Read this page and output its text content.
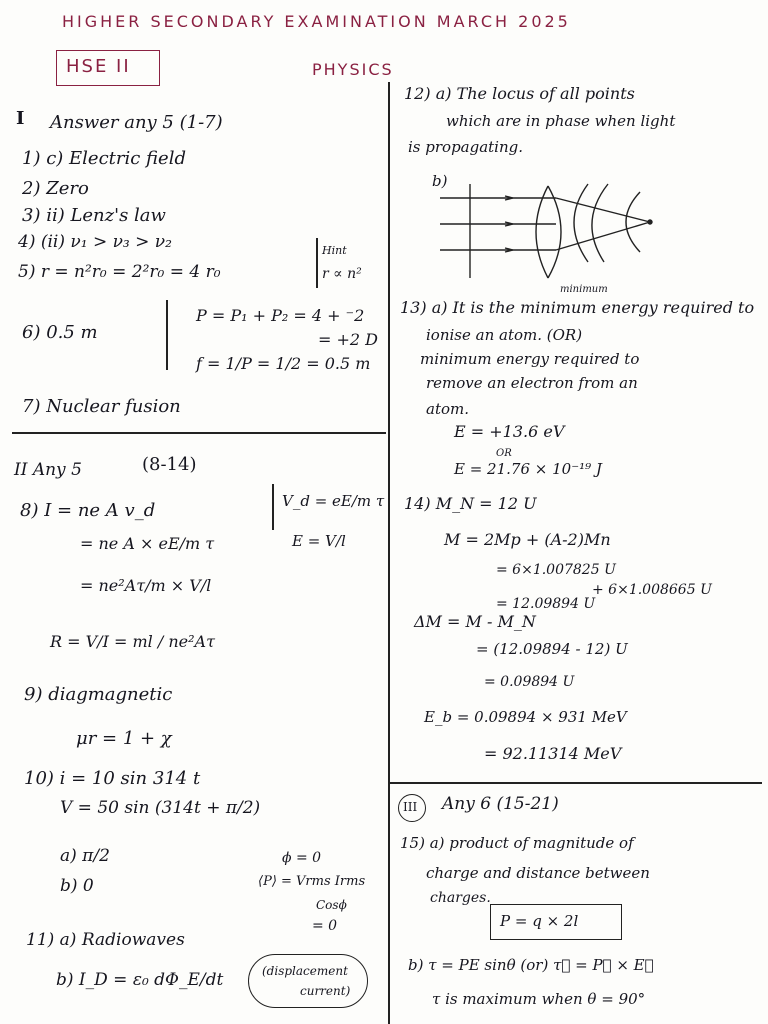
HIGHER SECONDARY EXAMINATION MARCH 2025
HSE II	PHYSICS
I Answer any 5 (1-7)
1) c) Electric field
2) Zero
3) ii) Lenz's law
4) (ii) ν₁ > ν₃ > ν₂
5) r = n²r₀ = 2²r₀ = 4 r₀
Hint
r ∝ n²
6) 0.5 m
P = P₁ + P₂ = 4 + ⁻2
= +2 D
f = 1/P = 1/2 = 0.5 m
7) Nuclear fusion
II Any 5	(8-14)
8) I = ne A v_d
= ne A × eE/m τ
= ne²Aτ/m × V/l
R = V/I = ml / ne²Aτ
V_d = eE/m τ
E = V/l
9) diagmagnetic
μr = 1 + χ
10) i = 10 sin 314 t
V = 50 sin (314t + π/2)
a) π/2
b) 0
ϕ = 0
⟨P⟩ = Vrms Irms
Cosϕ
= 0
11) a) Radiowaves
b) I_D = ε₀ dΦ_E/dt	(displacement
current)
12) a) The locus of all points
which are in phase when light
is propagating.
b)
13) a) It is the minimum energy required to
minimum
ionise an atom. (OR)
minimum energy required to
remove an electron from an
atom.
E = +13.6 eV
OR
E = 21.76 × 10⁻¹⁹ J
14) M_N = 12 U
M = 2Mp + (A-2)Mn
= 6×1.007825 U
+ 6×1.008665 U
= 12.09894 U
ΔM = M - M_N
= (12.09894 - 12) U
= 0.09894 U
E_b = 0.09894 × 931 MeV
= 92.11314 MeV
III Any 6 (15-21)
15) a) product of magnitude of
charge and distance between
charges.
P = q × 2l
b) τ = PE sinθ (or) τ⃗ = P⃗ × E⃗
τ is maximum when θ = 90°
